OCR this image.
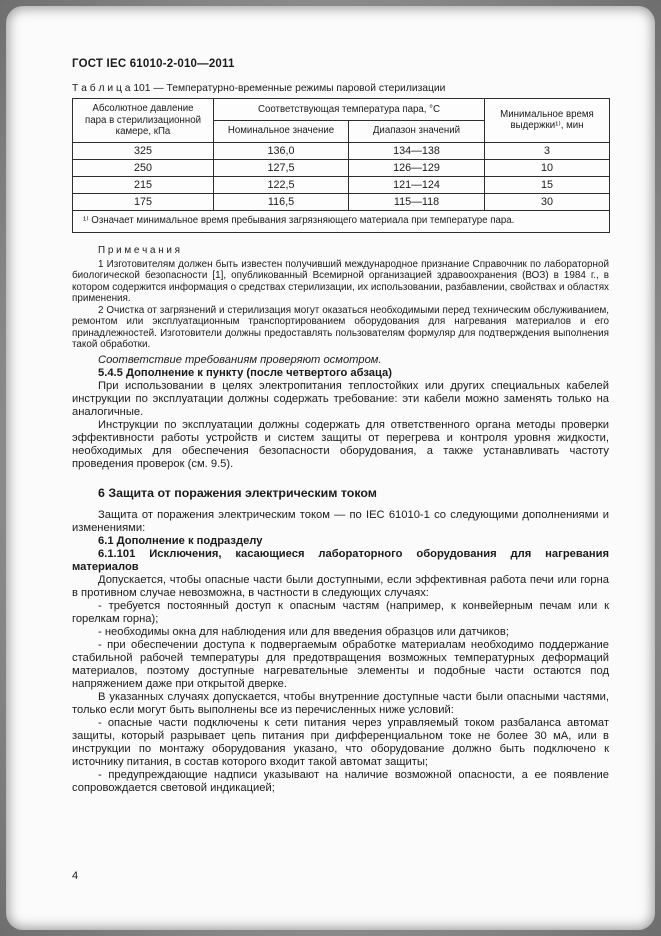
ГОСТ IEC 61010-2-010—2011
Т а б л и ц а 101 — Температурно-временные режимы паровой стерилизации
Абсолютное давление пара в стерилизационной камере, кПа	Соответствующая температура пара, °С		Минимальное время выдержки¹⁾, мин
	Номинальное значение	Диапазон значений	
325	136,0	134—138	3
250	127,5	126—129	10
215	122,5	121—124	15
175	116,5	115—118	30
¹⁾ Означает минимальное время пребывания загрязняющего материала при температуре пара.			

П р и м е ч а н и я

1 Изготовителям должен быть известен получивший международное признание Справочник по лабораторной биологической безопасности [1], опубликованный Всемирной организацией здравоохранения (ВОЗ) в 1984 г., в котором содержится информация о средствах стерилизации, их использовании, разбавлении, свойствах и областях применения.

2 Очистка от загрязнений и стерилизация могут оказаться необходимыми перед техническим обслуживанием, ремонтом или эксплуатационным транспортированием оборудования для нагревания материалов и его принадлежностей. Изготовители должны предоставлять пользователям формуляр для подтверждения выполнения такой обработки.

Соответствие требованиям проверяют осмотром.

5.4.5 Дополнение к пункту (после четвертого абзаца)

При использовании в целях электропитания теплостойких или других специальных кабелей инструкции по эксплуатации должны содержать требование: эти кабели можно заменять только на аналогичные.

Инструкции по эксплуатации должны содержать для ответственного органа методы проверки эффективности работы устройств и систем защиты от перегрева и контроля уровня жидкости, необходимых для обеспечения безопасности оборудования, а также устанавливать частоту проведения проверок (см. 9.5).

6 Защита от поражения электрическим током

Защита от поражения электрическим током — по IEC 61010-1 со следующими дополнениями и изменениями:

6.1 Дополнение к подразделу

6.1.101 Исключения, касающиеся лабораторного оборудования для нагревания материалов

Допускается, чтобы опасные части были доступными, если эффективная работа печи или горна в противном случае невозможна, в частности в следующих случаях:

- требуется постоянный доступ к опасным частям (например, к конвейерным печам или к горелкам горна);

- необходимы окна для наблюдения или для введения образцов или датчиков;

- при обеспечении доступа к подвергаемым обработке материалам необходимо поддержание стабильной рабочей температуры для предотвращения возможных температурных деформаций материалов, поэтому доступные нагревательные элементы и подобные части остаются под напряжением даже при открытой дверке.

В указанных случаях допускается, чтобы внутренние доступные части были опасными частями, только если могут быть выполнены все из перечисленных ниже условий:

- опасные части подключены к сети питания через управляемый током разбаланса автомат защиты, который разрывает цепь питания при дифференциальном токе не более 30 мА, или в инструкции по монтажу оборудования указано, что оборудование должно быть подключено к источнику питания, в состав которого входит такой автомат защиты;

- предупреждающие надписи указывают на наличие возможной опасности, а ее появление сопровождается световой индикацией;

4
